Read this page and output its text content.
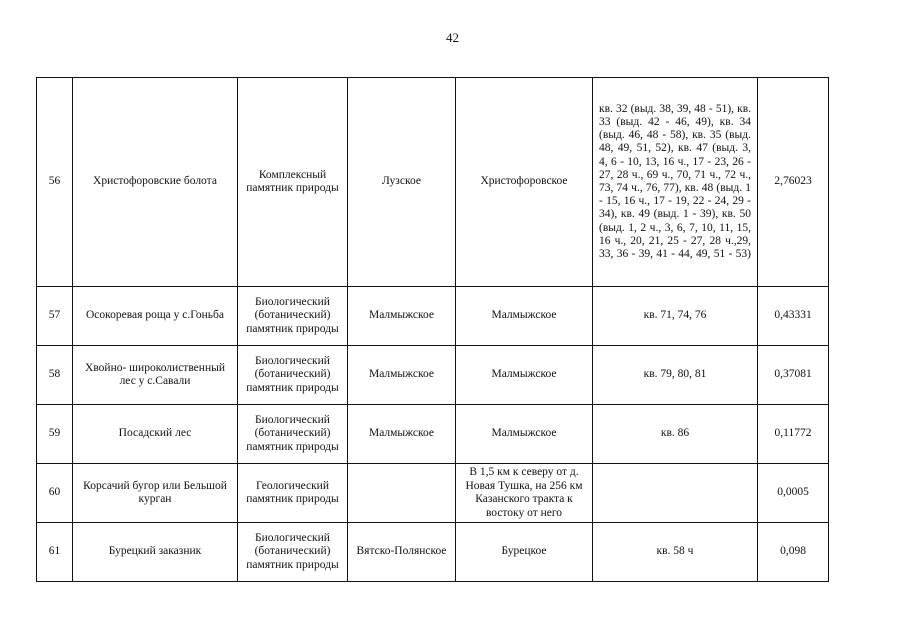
42
56	Христофоровские болота	Комплексный памятник природы	Лузское	Христофоровское	кв. 32 (выд. 38, 39, 48 - 51), кв. 33 (выд. 42 - 46, 49), кв. 34 (выд. 46, 48 - 58), кв. 35 (выд. 48, 49, 51, 52), кв. 47 (выд. 3, 4, 6 - 10, 13, 16 ч., 17 - 23, 26 - 27, 28 ч., 69 ч., 70, 71 ч., 72 ч., 73, 74 ч., 76, 77), кв. 48 (выд. 1 - 15, 16 ч., 17 - 19, 22 - 24, 29 - 34), кв. 49 (выд. 1 - 39), кв. 50 (выд. 1, 2 ч., 3, 6, 7, 10, 11, 15, 16 ч., 20, 21, 25 - 27, 28 ч.,29, 33, 36 - 39, 41 - 44, 49, 51 - 53)	2,76023
57	Осокоревая роща у с.Гоньба	Биологический (ботанический) памятник природы	Малмыжское	Малмыжское	кв. 71, 74, 76	0,43331
58	Хвойно- широколиственный лес у с.Савали	Биологический (ботанический) памятник природы	Малмыжское	Малмыжское	кв. 79, 80, 81	0,37081
59	Посадский лес	Биологический (ботанический) памятник природы	Малмыжское	Малмыжское	кв. 86	0,11772
60	Корсачий бугор или Бельшой курган	Геологический памятник природы		В 1,5 км к северу от д. Новая Тушка, на 256 км Казанского тракта к востоку от него		0,0005
61	Бурецкий заказник	Биологический (ботанический) памятник природы	Вятско-Полянское	Бурецкое	кв. 58 ч	0,098
